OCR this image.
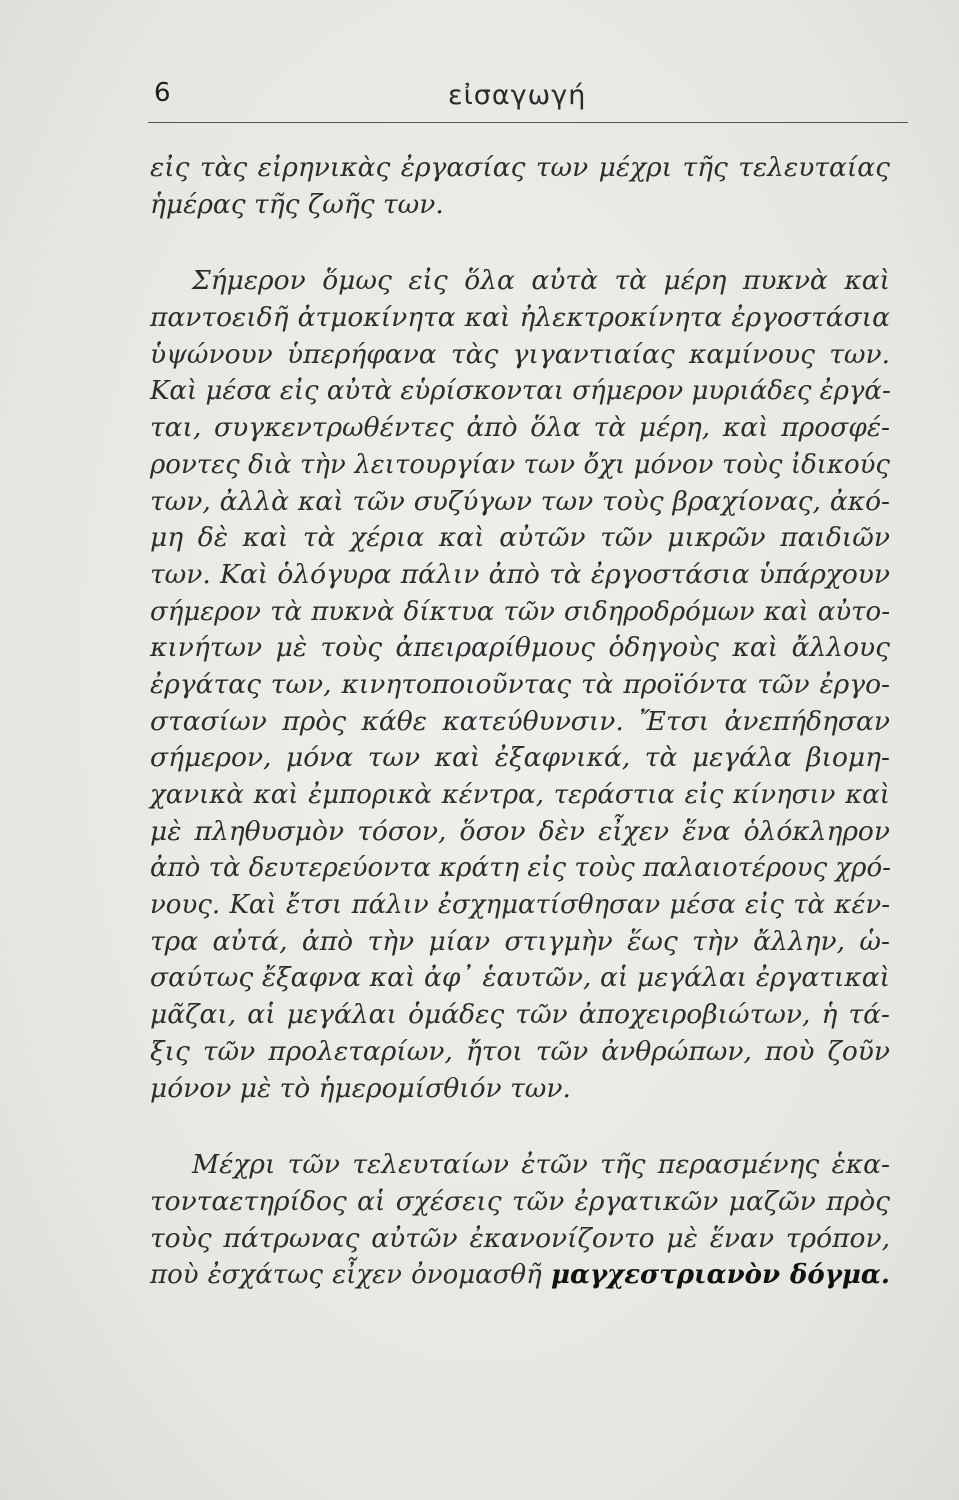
6	εἰσαγωγή
εἰς τὰς εἰρηνικὰς ἐργασίας των μέχρι τῆς τελευταίας
ἡμέρας τῆς ζωῆς των.
Σήμερον ὅμως εἰς ὅλα αὐτὰ τὰ μέρη πυκνὰ καὶ
παντοειδῆ ἀτμοκίνητα καὶ ἠλεκτροκίνητα ἐργοστάσια
ὑψώνουν ὑπερήφανα τὰς γιγαντιαίας καμίνους των.
Καὶ μέσα εἰς αὐτὰ εὑρίσκονται σήμερον μυριάδες ἐργά-
ται, συγκεντρωθέντες ἀπὸ ὅλα τὰ μέρη, καὶ προσφέ-
ροντες διὰ τὴν λειτουργίαν των ὄχι μόνον τοὺς ἰδικούς
των, ἀλλὰ καὶ τῶν συζύγων των τοὺς βραχίονας, ἀκό-
μη δὲ καὶ τὰ χέρια καὶ αὐτῶν τῶν μικρῶν παιδιῶν
των. Καὶ ὁλόγυρα πάλιν ἀπὸ τὰ ἐργοστάσια ὑπάρχουν
σήμερον τὰ πυκνὰ δίκτυα τῶν σιδηροδρόμων καὶ αὐτο-
κινήτων μὲ τοὺς ἀπειραρίθμους ὁδηγοὺς καὶ ἄλλους
ἐργάτας των, κινητοποιοῦντας τὰ προϊόντα τῶν ἐργο-
στασίων πρὸς κάθε κατεύθυνσιν. Ἔτσι ἀνεπήδησαν
σήμερον, μόνα των καὶ ἐξαφνικά, τὰ μεγάλα βιομη-
χανικὰ καὶ ἐμπορικὰ κέντρα, τεράστια εἰς κίνησιν καὶ
μὲ πληθυσμὸν τόσον, ὅσον δὲν εἶχεν ἕνα ὁλόκληρον
ἀπὸ τὰ δευτερεύοντα κράτη εἰς τοὺς παλαιοτέρους χρό-
νους. Καὶ ἔτσι πάλιν ἐσχηματίσθησαν μέσα εἰς τὰ κέν-
τρα αὐτά, ἀπὸ τὴν μίαν στιγμὴν ἕως τὴν ἄλλην, ὡ-
σαύτως ἔξαφνα καὶ ἀφ᾽ ἑαυτῶν, αἱ μεγάλαι ἐργατικαὶ
μᾶζαι, αἱ μεγάλαι ὁμάδες τῶν ἀποχειροβιώτων, ἡ τά-
ξις τῶν προλεταρίων, ἤτοι τῶν ἀνθρώπων, ποὺ ζοῦν
μόνον μὲ τὸ ἡμερομίσθιόν των.
Μέχρι τῶν τελευταίων ἐτῶν τῆς περασμένης ἑκα-
τονταετηρίδος αἱ σχέσεις τῶν ἐργατικῶν μαζῶν πρὸς
τοὺς πάτρωνας αὐτῶν ἐκανονίζοντο μὲ ἕναν τρόπον,
ποὺ ἐσχάτως εἶχεν ὀνομασθῆ μαγχεστριανὸν δόγμα.
